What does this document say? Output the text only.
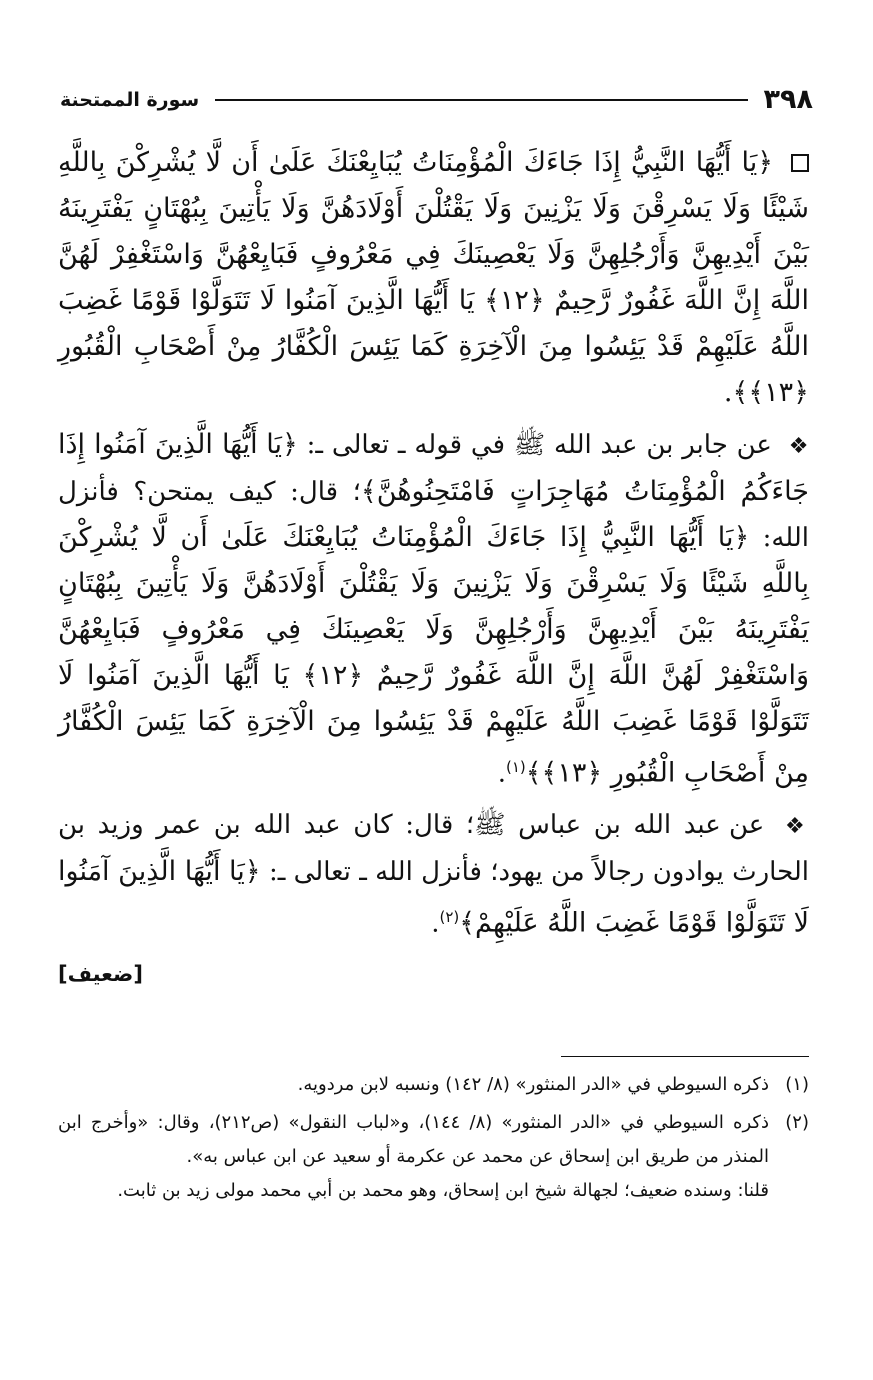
٣٩٨
سورة الممتحنة

﴿يَا أَيُّهَا النَّبِيُّ إِذَا جَاءَكَ الْمُؤْمِنَاتُ يُبَايِعْنَكَ عَلَىٰ أَن لَّا يُشْرِكْنَ بِاللَّهِ شَيْئًا وَلَا يَسْرِقْنَ وَلَا يَزْنِينَ وَلَا يَقْتُلْنَ أَوْلَادَهُنَّ وَلَا يَأْتِينَ بِبُهْتَانٍ يَفْتَرِينَهُ بَيْنَ أَيْدِيهِنَّ وَأَرْجُلِهِنَّ وَلَا يَعْصِينَكَ فِي مَعْرُوفٍ فَبَايِعْهُنَّ وَاسْتَغْفِرْ لَهُنَّ اللَّهَ إِنَّ اللَّهَ غَفُورٌ رَّحِيمٌ ﴿١٢﴾ يَا أَيُّهَا الَّذِينَ آمَنُوا لَا تَتَوَلَّوْا قَوْمًا غَضِبَ اللَّهُ عَلَيْهِمْ قَدْ يَئِسُوا مِنَ الْآخِرَةِ كَمَا يَئِسَ الْكُفَّارُ مِنْ أَصْحَابِ الْقُبُورِ ﴿١٣﴾﴾.

❖ عن جابر بن عبد الله ﷺ في قوله ـ تعالى ـ: ﴿يَا أَيُّهَا الَّذِينَ آمَنُوا إِذَا جَاءَكُمُ الْمُؤْمِنَاتُ مُهَاجِرَاتٍ فَامْتَحِنُوهُنَّ﴾؛ قال: كيف يمتحن؟ فأنزل الله: ﴿يَا أَيُّهَا النَّبِيُّ إِذَا جَاءَكَ الْمُؤْمِنَاتُ يُبَايِعْنَكَ عَلَىٰ أَن لَّا يُشْرِكْنَ بِاللَّهِ شَيْئًا وَلَا يَسْرِقْنَ وَلَا يَزْنِينَ وَلَا يَقْتُلْنَ أَوْلَادَهُنَّ وَلَا يَأْتِينَ بِبُهْتَانٍ يَفْتَرِينَهُ بَيْنَ أَيْدِيهِنَّ وَأَرْجُلِهِنَّ وَلَا يَعْصِينَكَ فِي مَعْرُوفٍ فَبَايِعْهُنَّ وَاسْتَغْفِرْ لَهُنَّ اللَّهَ إِنَّ اللَّهَ غَفُورٌ رَّحِيمٌ ﴿١٢﴾ يَا أَيُّهَا الَّذِينَ آمَنُوا لَا تَتَوَلَّوْا قَوْمًا غَضِبَ اللَّهُ عَلَيْهِمْ قَدْ يَئِسُوا مِنَ الْآخِرَةِ كَمَا يَئِسَ الْكُفَّارُ مِنْ أَصْحَابِ الْقُبُورِ ﴿١٣﴾﴾$^{(١)}$.

❖ عن عبد الله بن عباس ﷺ؛ قال: كان عبد الله بن عمر وزيد بن الحارث يوادون رجالاً من يهود؛ فأنزل الله ـ تعالى ـ: ﴿يَا أَيُّهَا الَّذِينَ آمَنُوا لَا تَتَوَلَّوْا قَوْمًا غَضِبَ اللَّهُ عَلَيْهِمْ﴾$^{(٢)}$.

[ضعيف]
(١)
ذكره السيوطي في «الدر المنثور» (٨/ ١٤٢) ونسبه لابن مردويه.
(٢)
ذكره السيوطي في «الدر المنثور» (٨/ ١٤٤)، و«لباب النقول» (ص٢١٢)، وقال: «وأخرج ابن المنذر من طريق ابن إسحاق عن محمد عن عكرمة أو سعيد عن ابن عباس به».
قلنا: وسنده ضعيف؛ لجهالة شيخ ابن إسحاق، وهو محمد بن أبي محمد مولى زيد بن ثابت.
